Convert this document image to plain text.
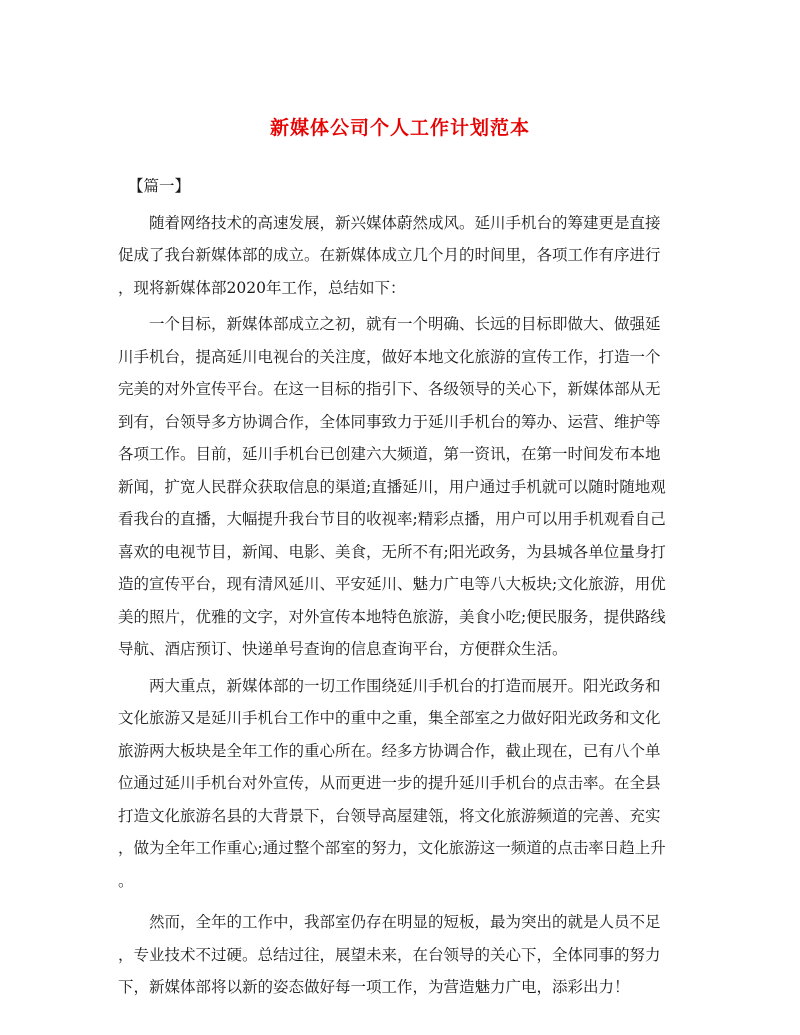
新媒体公司个人工作计划范本
【篇一】

随着网络技术的高速发展，新兴媒体蔚然成风。延川手机台的筹建更是直接

促成了我台新媒体部的成立。在新媒体成立几个月的时间里，各项工作有序进行

，现将新媒体部2020年工作，总结如下：

一个目标，新媒体部成立之初，就有一个明确、长远的目标即做大、做强延

川手机台，提高延川电视台的关注度，做好本地文化旅游的宣传工作，打造一个

完美的对外宣传平台。在这一目标的指引下、各级领导的关心下，新媒体部从无

到有，台领导多方协调合作，全体同事致力于延川手机台的筹办、运营、维护等

各项工作。目前，延川手机台已创建六大频道，第一资讯，在第一时间发布本地

新闻，扩宽人民群众获取信息的渠道;直播延川，用户通过手机就可以随时随地观

看我台的直播，大幅提升我台节目的收视率;精彩点播，用户可以用手机观看自己

喜欢的电视节目，新闻、电影、美食，无所不有;阳光政务，为县城各单位量身打

造的宣传平台，现有清风延川、平安延川、魅力广电等八大板块;文化旅游，用优

美的照片，优雅的文字，对外宣传本地特色旅游，美食小吃;便民服务，提供路线

导航、酒店预订、快递单号查询的信息查询平台，方便群众生活。

两大重点，新媒体部的一切工作围绕延川手机台的打造而展开。阳光政务和

文化旅游又是延川手机台工作中的重中之重，集全部室之力做好阳光政务和文化

旅游两大板块是全年工作的重心所在。经多方协调合作，截止现在，已有八个单

位通过延川手机台对外宣传，从而更进一步的提升延川手机台的点击率。在全县

打造文化旅游名县的大背景下，台领导高屋建瓴，将文化旅游频道的完善、充实

，做为全年工作重心;通过整个部室的努力，文化旅游这一频道的点击率日趋上升

。

然而，全年的工作中，我部室仍存在明显的短板，最为突出的就是人员不足

，专业技术不过硬。总结过往，展望未来，在台领导的关心下，全体同事的努力

下，新媒体部将以新的姿态做好每一项工作，为营造魅力广电，添彩出力！
